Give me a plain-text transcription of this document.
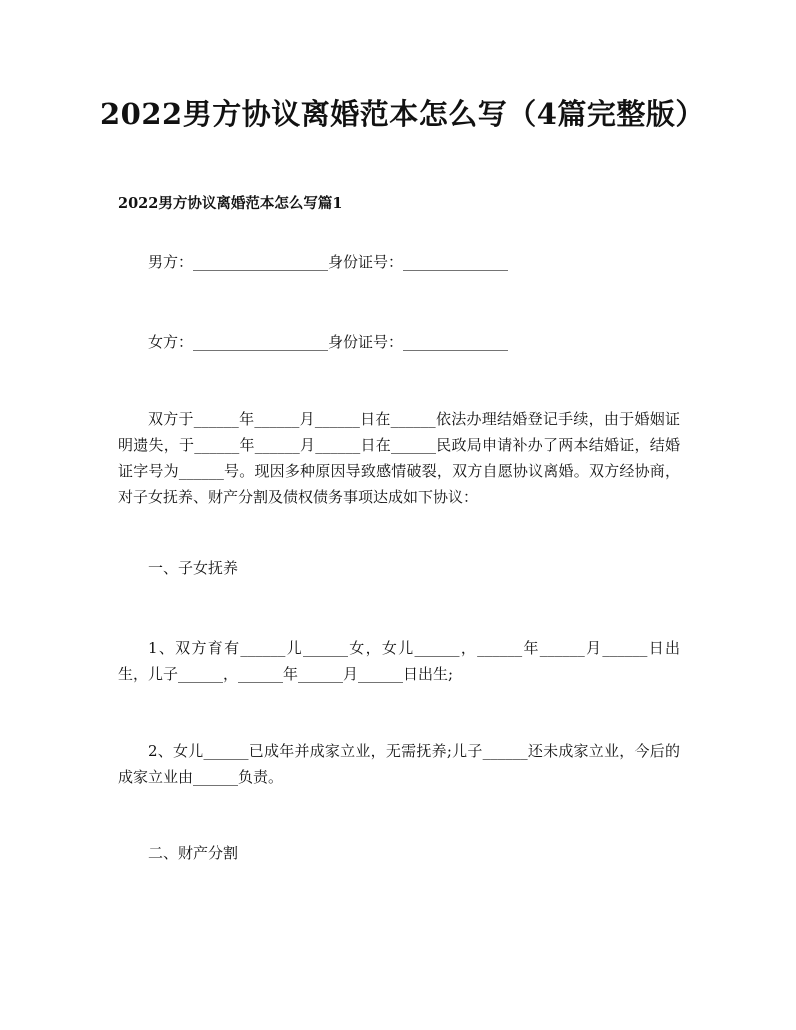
2022男方协议离婚范本怎么写（4篇完整版）

2022男方协议离婚范本怎么写篇1

男方：__________________身份证号：______________

女方：__________________身份证号：______________

双方于______年______月______日在______依法办理结婚登记手续，由于婚姻证明遗失，于______年______月______日在______民政局申请补办了两本结婚证，结婚证字号为______号。现因多种原因导致感情破裂，双方自愿协议离婚。双方经协商，对子女抚养、财产分割及债权债务事项达成如下协议：

一、子女抚养

1、双方育有______儿______女，女儿______，______年______月______日出生，儿子______，______年______月______日出生;

2、女儿______已成年并成家立业，无需抚养;儿子______还未成家立业，今后的成家立业由______负责。

二、财产分割
